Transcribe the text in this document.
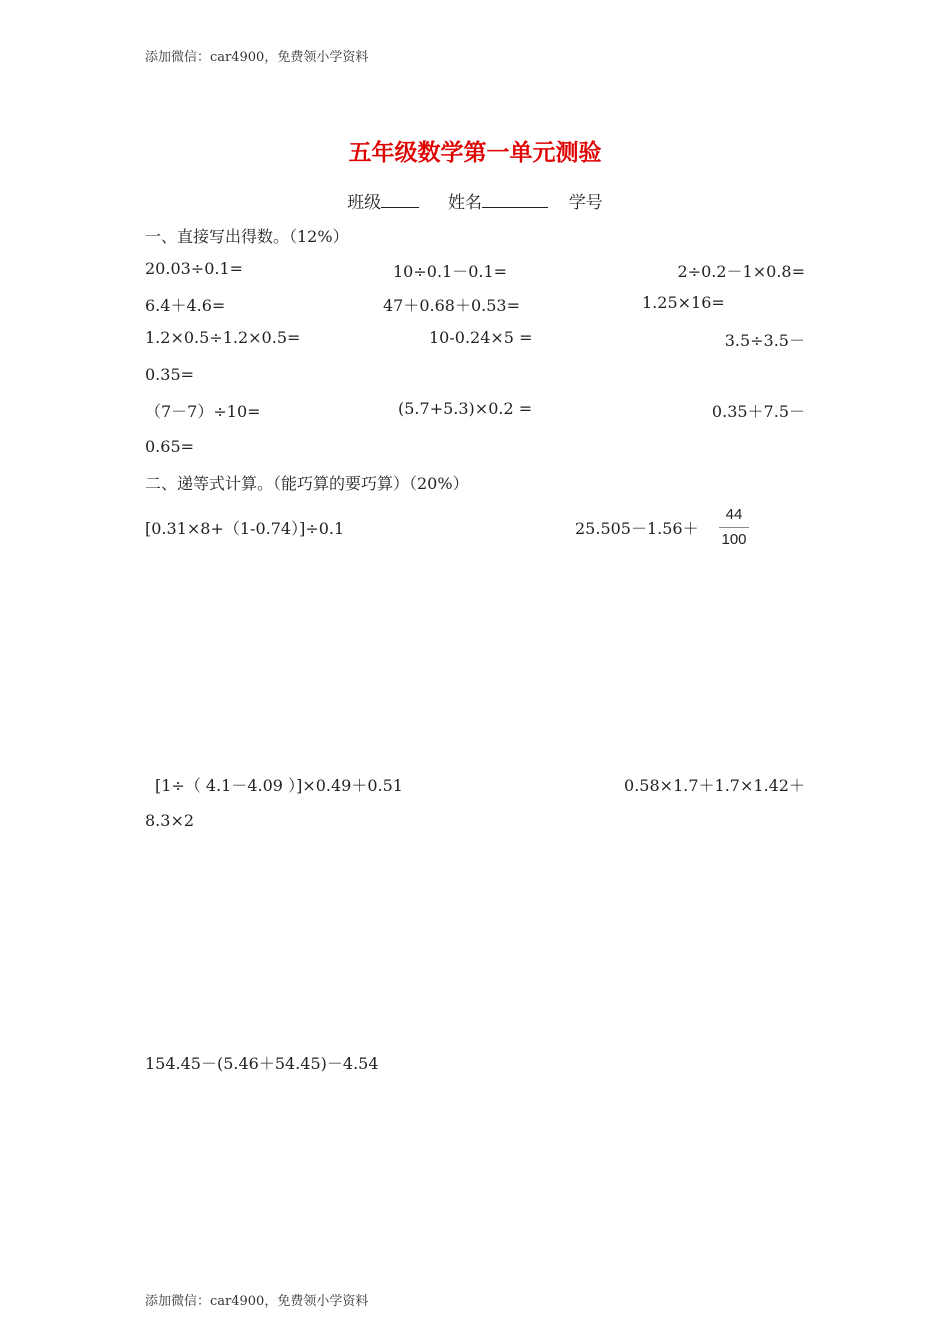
添加微信：car4900，免费领小学资料
五年级数学第一单元测验
班级	姓名	学号
一、直接写出得数。（12%）
20.03÷0.1=	10÷0.1－0.1=	2÷0.2－1×0.8=
6.4＋4.6=	47＋0.68＋0.53=	1.25×16=
1.2×0.5÷1.2×0.5=	10-0.24×5 =	3.5÷3.5－
0.35=
（7－7）÷10=	(5.7+5.3)×0.2 =	0.35＋7.5－
0.65=
二、递等式计算。（能巧算的要巧算）（20%）
[0.31×8+（1-0.74）]÷0.1	$25.505-1.56+ \frac{44}{100}$
[1÷（ 4.1－4.09 ）]×0.49＋0.51	0.58×1.7＋1.7×1.42＋
8.3×2
154.45－(5.46＋54.45)－4.54
添加微信：car4900，免费领小学资料
